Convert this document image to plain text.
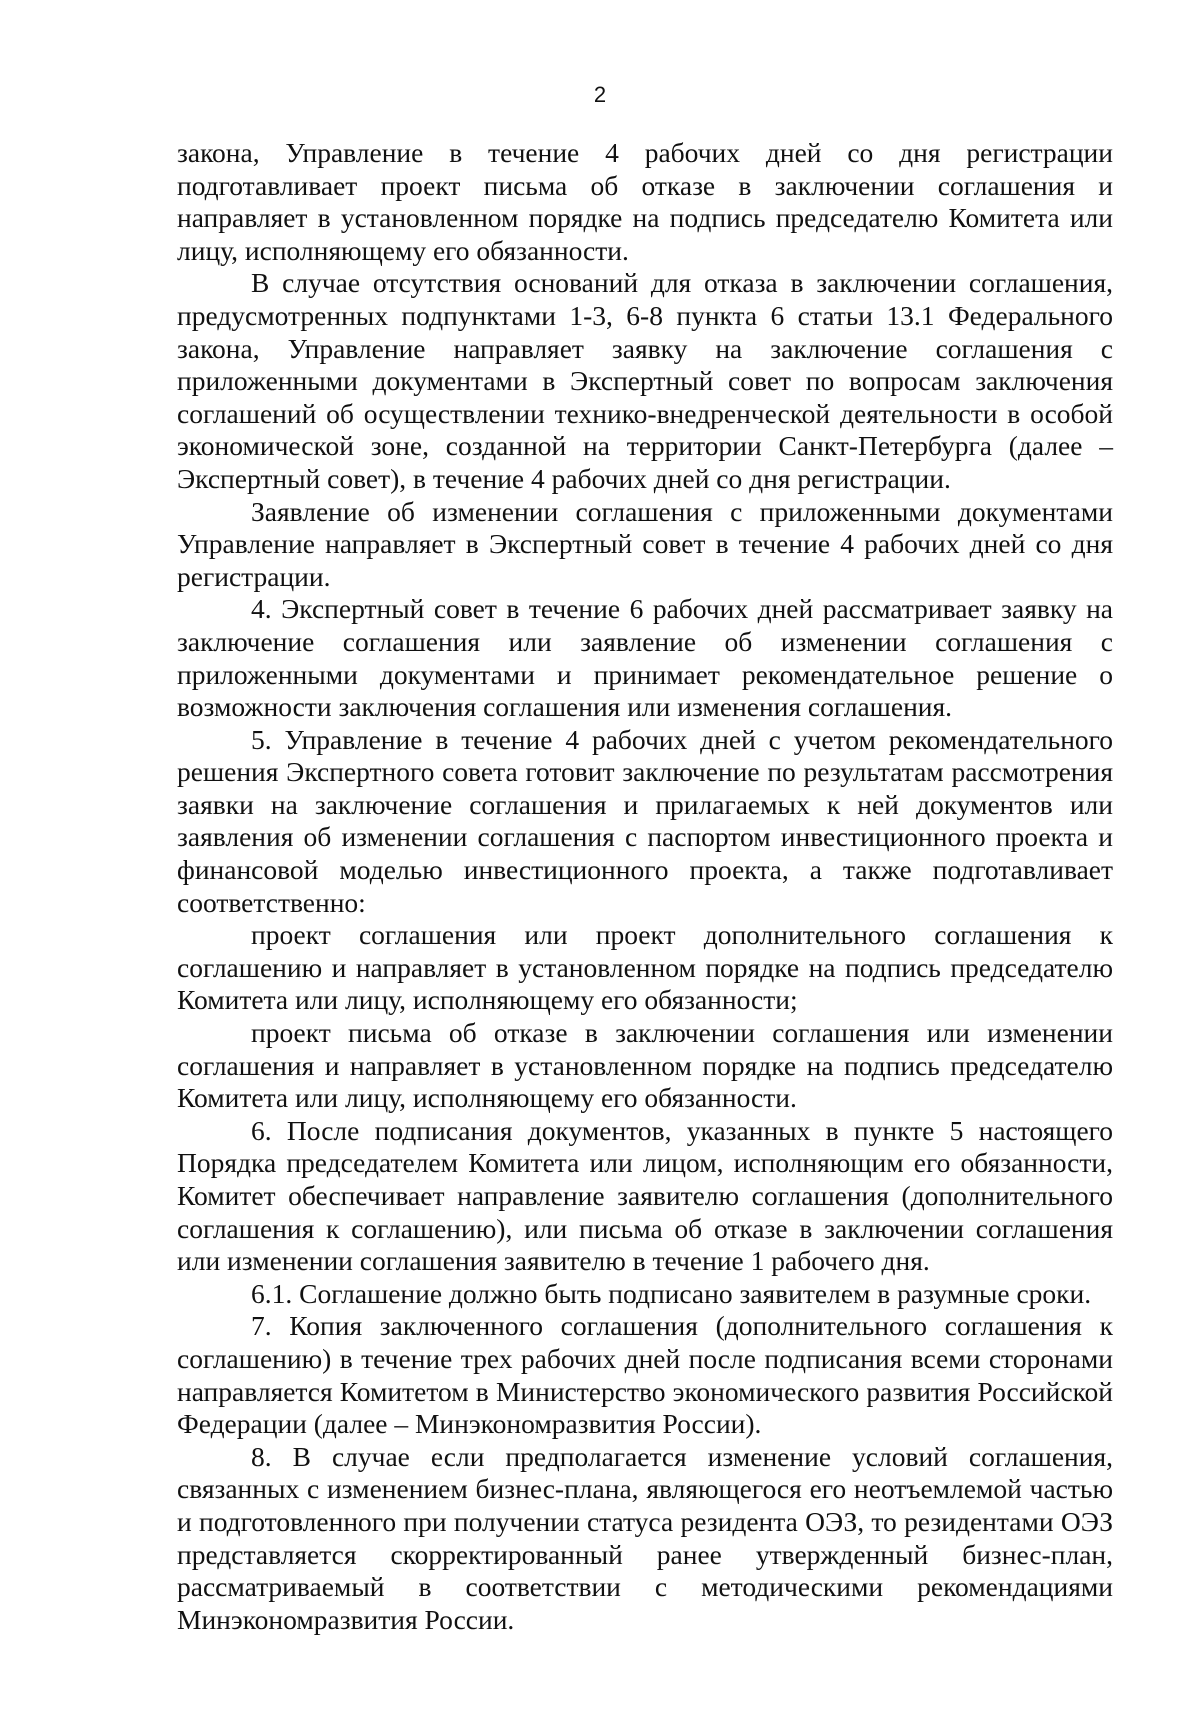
2

закона, Управление в течение 4 рабочих дней со дня регистрации подготавливает проект письма об отказе в заключении соглашения и направляет в установленном порядке на подпись председателю Комитета или лицу, исполняющему его обязанности.

В случае отсутствия оснований для отказа в заключении соглашения, предусмотренных подпунктами 1-3, 6-8 пункта 6 статьи 13.1 Федерального закона, Управление направляет заявку на заключение соглашения с приложенными документами в Экспертный совет по вопросам заключения соглашений об осуществлении технико-внедренческой деятельности в особой экономической зоне, созданной на территории Санкт-Петербурга (далее – Экспертный совет), в течение 4 рабочих дней со дня регистрации.

Заявление об изменении соглашения с приложенными документами Управление направляет в Экспертный совет в течение 4 рабочих дней со дня регистрации.

4. Экспертный совет в течение 6 рабочих дней рассматривает заявку на заключение соглашения или заявление об изменении соглашения с приложенными документами и принимает рекомендательное решение о возможности заключения соглашения или изменения соглашения.

5. Управление в течение 4 рабочих дней с учетом рекомендательного решения Экспертного совета готовит заключение по результатам рассмотрения заявки на заключение соглашения и прилагаемых к ней документов или заявления об изменении соглашения с паспортом инвестиционного проекта и финансовой моделью инвестиционного проекта, а также подготавливает соответственно:

проект соглашения или проект дополнительного соглашения к соглашению и направляет в установленном порядке на подпись председателю Комитета или лицу, исполняющему его обязанности;

проект письма об отказе в заключении соглашения или изменении соглашения и направляет в установленном порядке на подпись председателю Комитета или лицу, исполняющему его обязанности.

6. После подписания документов, указанных в пункте 5 настоящего Порядка председателем Комитета или лицом, исполняющим его обязанности, Комитет обеспечивает направление заявителю соглашения (дополнительного соглашения к соглашению), или письма об отказе в заключении соглашения или изменении соглашения заявителю в течение 1 рабочего дня.

6.1. Соглашение должно быть подписано заявителем в разумные сроки.

7. Копия заключенного соглашения (дополнительного соглашения к соглашению) в течение трех рабочих дней после подписания всеми сторонами направляется Комитетом в Министерство экономического развития Российской Федерации (далее – Минэкономразвития России).

8. В случае если предполагается изменение условий соглашения, связанных с изменением бизнес-плана, являющегося его неотъемлемой частью и подготовленного при получении статуса резидента ОЭЗ, то резидентами ОЭЗ представляется скорректированный ранее утвержденный бизнес-план, рассматриваемый в соответствии с методическими рекомендациями Минэкономразвития России.
